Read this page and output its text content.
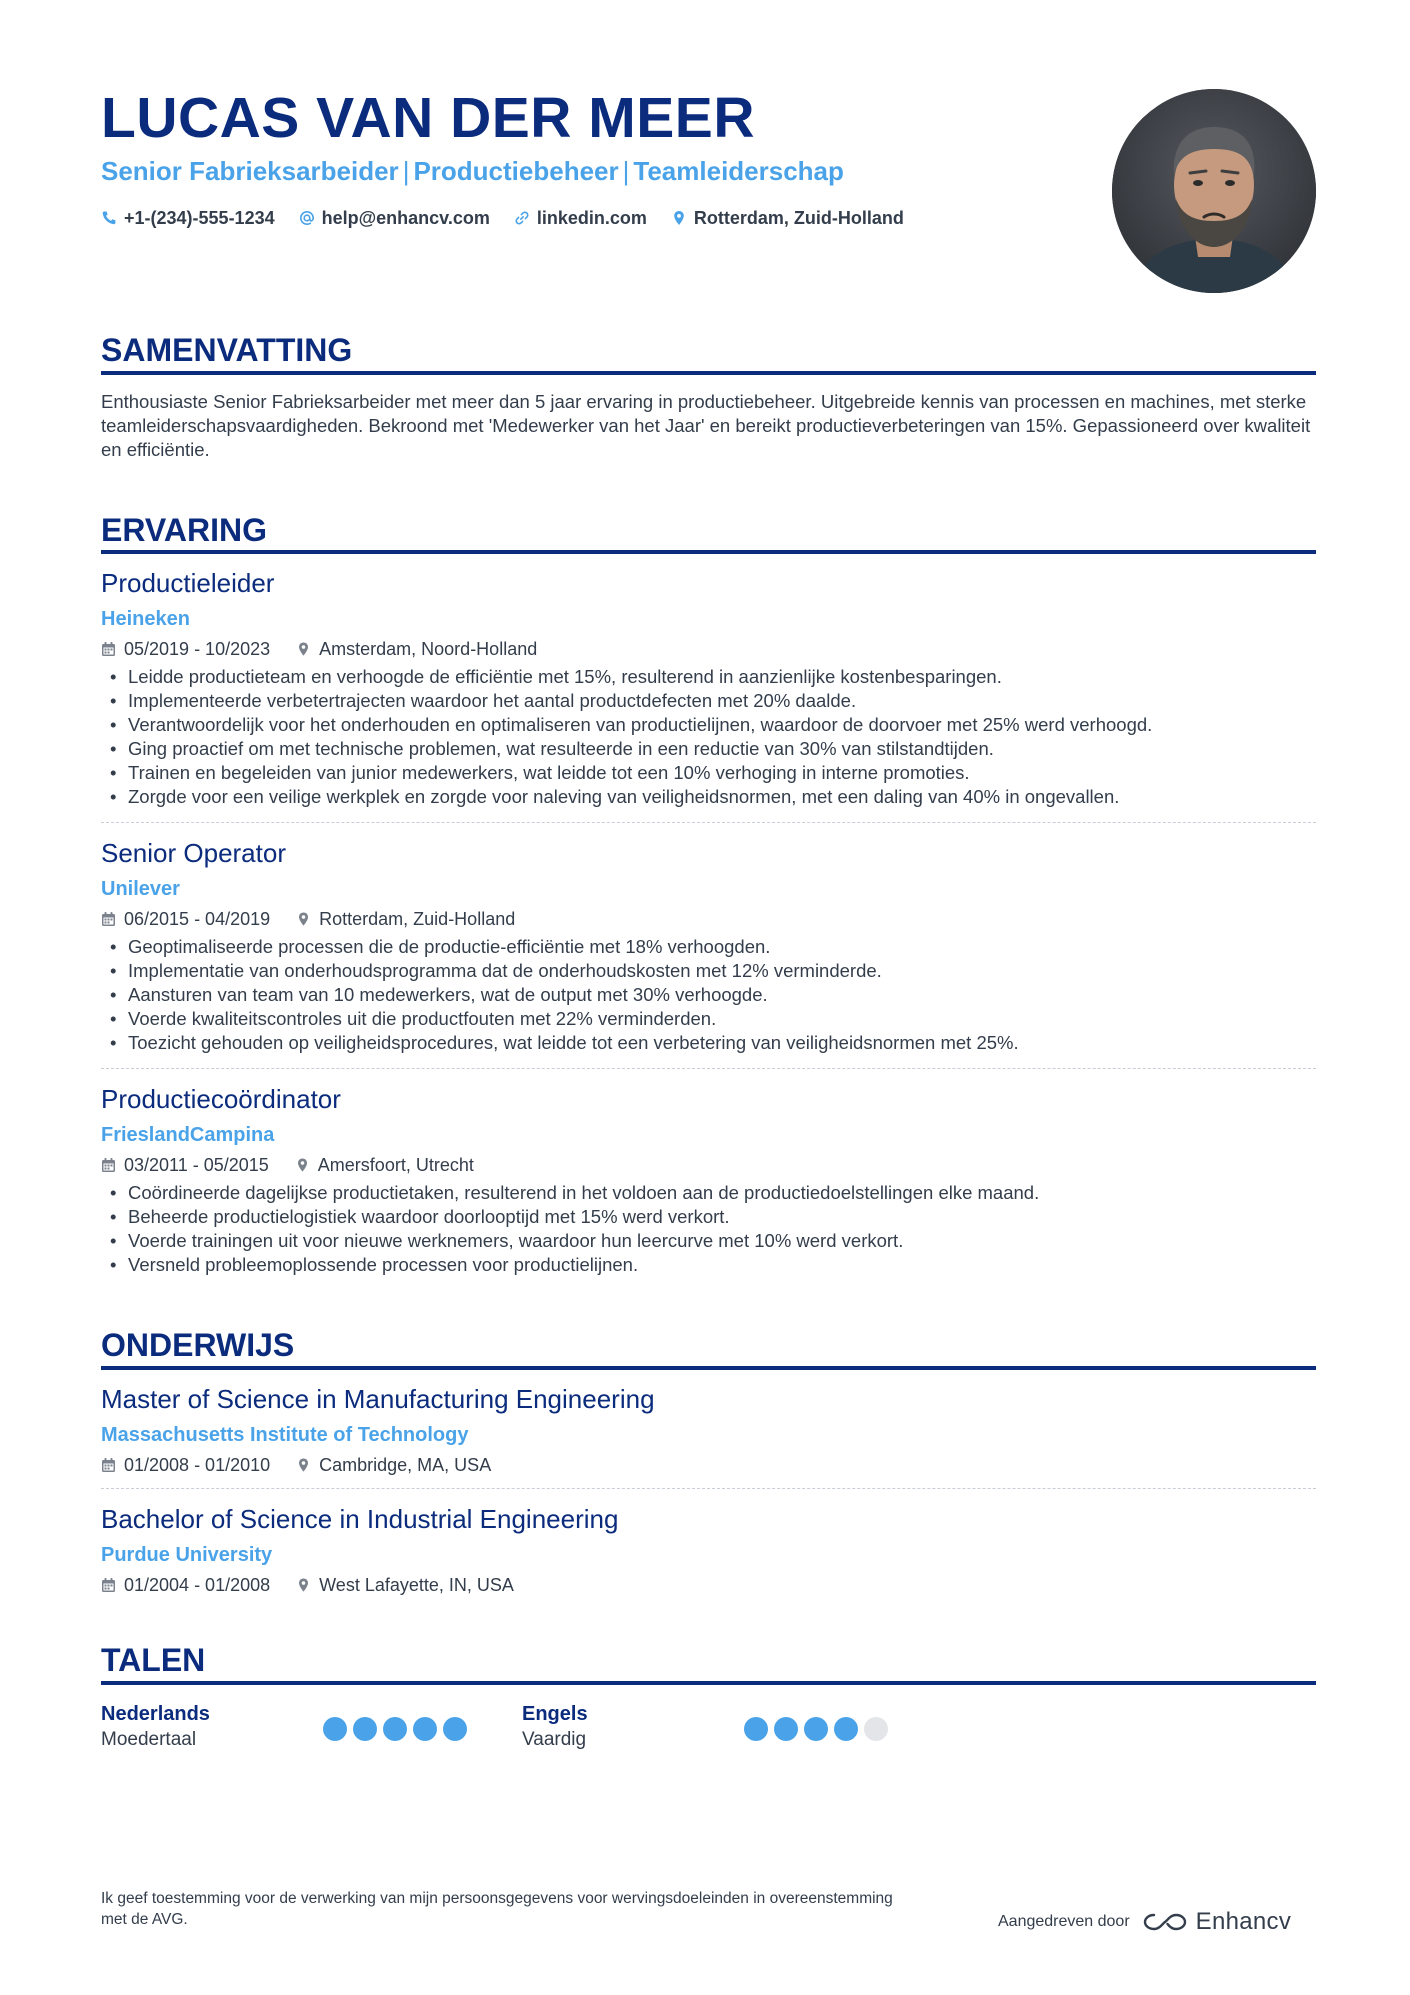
LUCAS VAN DER MEER
Senior Fabrieksarbeider | Productiebeheer | Teamleiderschap
+1-(234)-555-1234	help@enhancv.com	linkedin.com	Rotterdam, Zuid-Holland
SAMENVATTING
Enthousiaste Senior Fabrieksarbeider met meer dan 5 jaar ervaring in productiebeheer. Uitgebreide kennis van processen en machines, met sterke teamleiderschapsvaardigheden. Bekroond met 'Medewerker van het Jaar' en bereikt productieverbeteringen van 15%. Gepassioneerd over kwaliteit en efficiëntie.
ERVARING
Productieleider
Heineken
05/2019 - 10/2023	Amsterdam, Noord-Holland
• Leidde productieteam en verhoogde de efficiëntie met 15%, resulterend in aanzienlijke kostenbesparingen.
• Implementeerde verbetertrajecten waardoor het aantal productdefecten met 20% daalde.
• Verantwoordelijk voor het onderhouden en optimaliseren van productielijnen, waardoor de doorvoer met 25% werd verhoogd.
• Ging proactief om met technische problemen, wat resulteerde in een reductie van 30% van stilstandtijden.
• Trainen en begeleiden van junior medewerkers, wat leidde tot een 10% verhoging in interne promoties.
• Zorgde voor een veilige werkplek en zorgde voor naleving van veiligheidsnormen, met een daling van 40% in ongevallen.
Senior Operator
Unilever
06/2015 - 04/2019	Rotterdam, Zuid-Holland
• Geoptimaliseerde processen die de productie-efficiëntie met 18% verhoogden.
• Implementatie van onderhoudsprogramma dat de onderhoudskosten met 12% verminderde.
• Aansturen van team van 10 medewerkers, wat de output met 30% verhoogde.
• Voerde kwaliteitscontroles uit die productfouten met 22% verminderden.
• Toezicht gehouden op veiligheidsprocedures, wat leidde tot een verbetering van veiligheidsnormen met 25%.
Productiecoördinator
FrieslandCampina
03/2011 - 05/2015	Amersfoort, Utrecht
• Coördineerde dagelijkse productietaken, resulterend in het voldoen aan de productiedoelstellingen elke maand.
• Beheerde productielogistiek waardoor doorlooptijd met 15% werd verkort.
• Voerde trainingen uit voor nieuwe werknemers, waardoor hun leercurve met 10% werd verkort.
• Versneld probleemoplossende processen voor productielijnen.
ONDERWIJS
Master of Science in Manufacturing Engineering
Massachusetts Institute of Technology
01/2008 - 01/2010	Cambridge, MA, USA
Bachelor of Science in Industrial Engineering
Purdue University
01/2004 - 01/2008	West Lafayette, IN, USA
TALEN
Nederlands
Moedertaal
Engels
Vaardig
Ik geef toestemming voor de verwerking van mijn persoonsgegevens voor wervingsdoeleinden in overeenstemming met de AVG.	Aangedreven door	Enhancv
